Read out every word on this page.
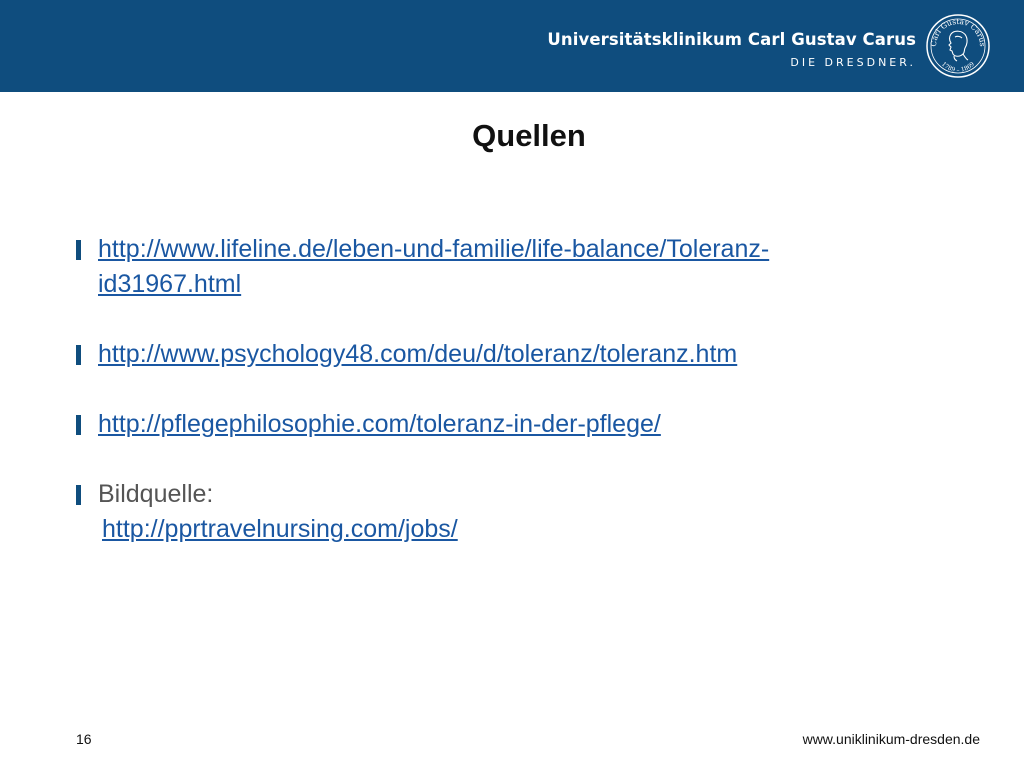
Universitätsklinikum Carl Gustav Carus
DIE DRESDNER.
Carl Gustav Carus
1789 – 1869
Quellen
http://www.lifeline.de/leben-und-familie/life-balance/Toleranz-
id31967.html
http://www.psychology48.com/deu/d/toleranz/toleranz.htm
http://pflegephilosophie.com/toleranz-in-der-pflege/
Bildquelle:
http://pprtravelnursing.com/jobs/
16	www.uniklinikum-dresden.de
